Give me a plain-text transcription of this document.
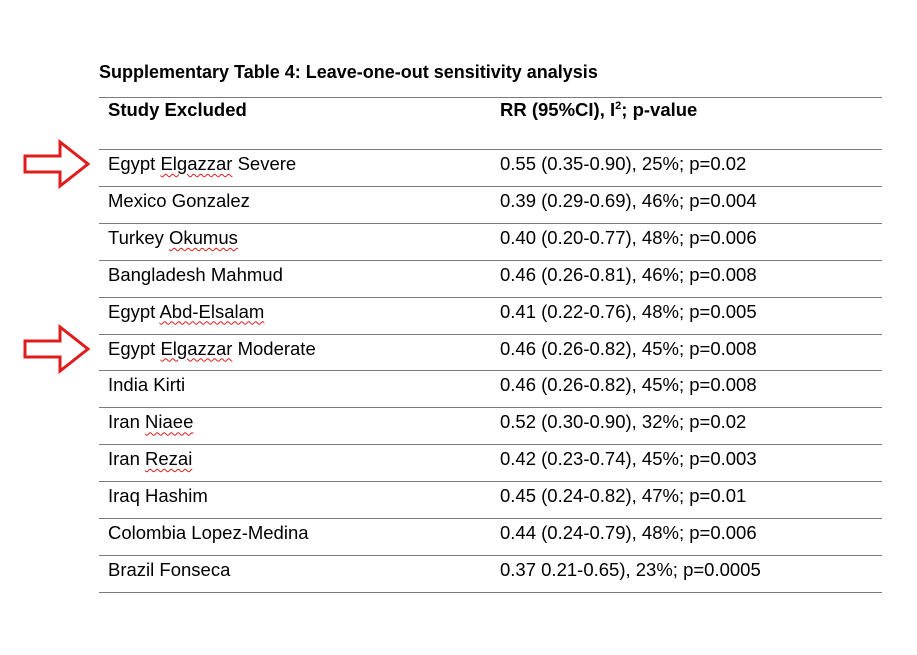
Supplementary Table 4: Leave-one-out sensitivity analysis
Study Excluded	RR (95%CI), $I^2$; p-value
Egypt Elgazzar Severe	0.55 (0.35-0.90), 25%; p=0.02
Mexico Gonzalez	0.39 (0.29-0.69), 46%; p=0.004
Turkey Okumus	0.40 (0.20-0.77), 48%; p=0.006
Bangladesh Mahmud	0.46 (0.26-0.81), 46%; p=0.008
Egypt Abd-Elsalam	0.41 (0.22-0.76), 48%; p=0.005
Egypt Elgazzar Moderate	0.46 (0.26-0.82), 45%; p=0.008
India Kirti	0.46 (0.26-0.82), 45%; p=0.008
Iran Niaee	0.52 (0.30-0.90), 32%; p=0.02
Iran Rezai	0.42 (0.23-0.74), 45%; p=0.003
Iraq Hashim	0.45 (0.24-0.82), 47%; p=0.01
Colombia Lopez-Medina	0.44 (0.24-0.79), 48%; p=0.006
Brazil Fonseca	0.37 0.21-0.65), 23%; p=0.0005
